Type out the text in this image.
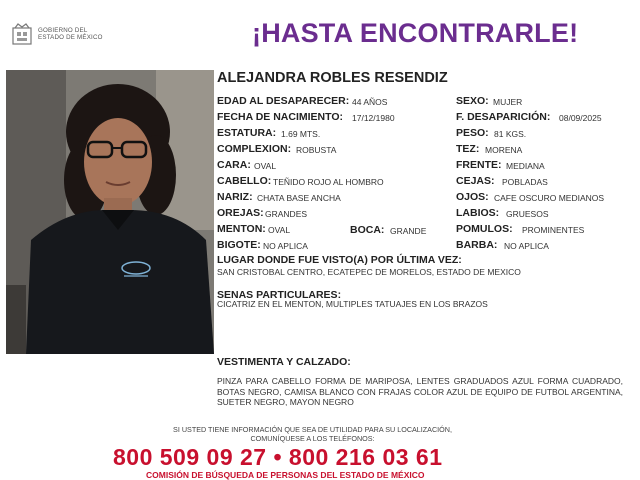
GOBIERNO DEL
ESTADO DE MÉXICO	¡HASTA ENCONTRARLE!
ALEJANDRA ROBLES RESENDIZ
EDAD AL DESAPARECER: 44 AÑOS
FECHA DE NACIMIENTO: 17/12/1980
ESTATURA: 1.69 MTS.
COMPLEXION: ROBUSTA
CARA: OVAL
CABELLO: TEÑIDO ROJO AL HOMBRO
NARIZ: CHATA BASE ANCHA
OREJAS: GRANDES
MENTON: OVAL	BOCA: GRANDE
BIGOTE: NO APLICA
SEXO: MUJER
F. DESAPARICIÓN: 08/09/2025
PESO: 81 KGS.
TEZ: MORENA
FRENTE: MEDIANA
CEJAS: POBLADAS
OJOS: CAFE OSCURO MEDIANOS
LABIOS: GRUESOS
POMULOS: PROMINENTES
BARBA: NO APLICA
LUGAR DONDE FUE VISTO(A) POR ÚLTIMA VEZ:
SAN CRISTOBAL CENTRO, ECATEPEC DE MORELOS, ESTADO DE MEXICO
SENAS PARTICULARES:
CICATRIZ EN EL MENTON, MULTIPLES TATUAJES EN LOS BRAZOS
VESTIMENTA Y CALZADO:
PINZA PARA CABELLO FORMA DE MARIPOSA, LENTES GRADUADOS AZUL FORMA CUADRADO, BOTAS NEGRO, CAMISA BLANCO CON FRAJAS COLOR AZUL DE EQUIPO DE FUTBOL ARGENTINA, SUETER NEGRO, MAYON NEGRO
SI USTED TIENE INFORMACIÓN QUE SEA DE UTILIDAD PARA SU LOCALIZACIÓN,
COMUNÍQUESE A LOS TELÉFONOS:
800 509 09 27 • 800 216 03 61
COMISIÓN DE BÚSQUEDA DE PERSONAS DEL ESTADO DE MÉXICO
